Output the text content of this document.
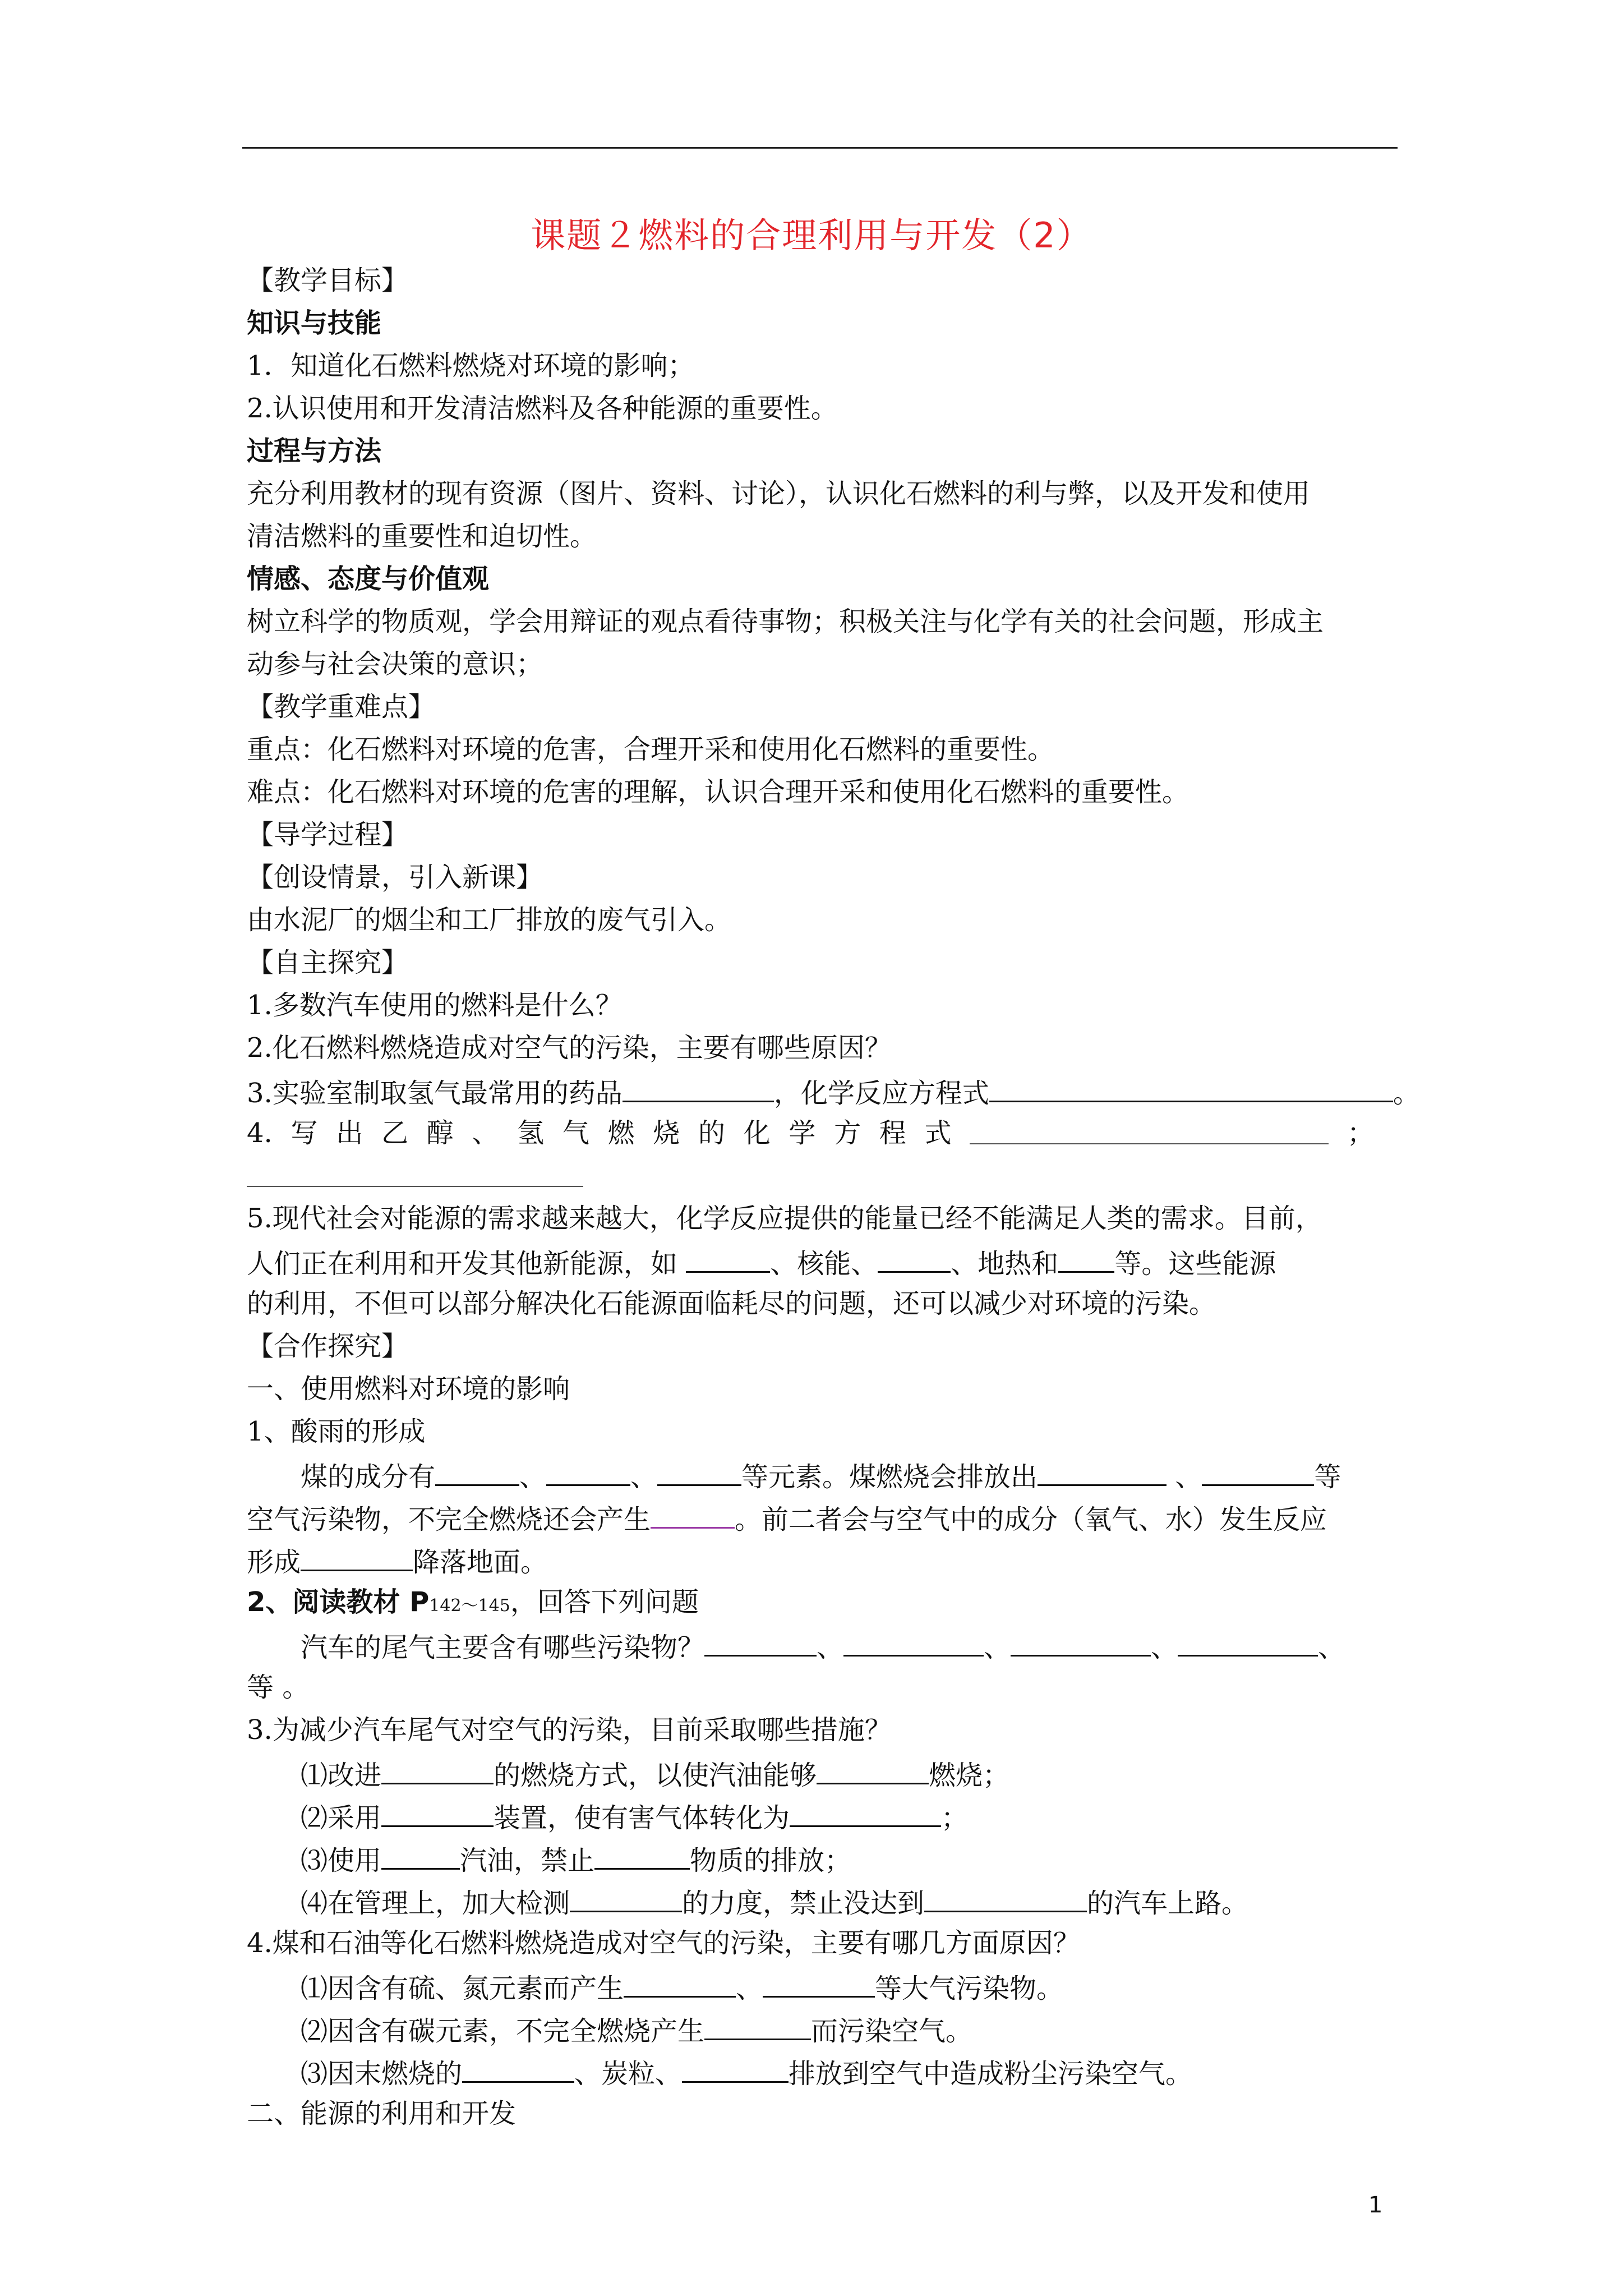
课题２燃料的合理利用与开发（2）
【教学目标】
知识与技能
1．知道化石燃料燃烧对环境的影响；
2.认识使用和开发清洁燃料及各种能源的重要性。
过程与方法
充分利用教材的现有资源（图片、资料、讨论），认识化石燃料的利与弊，以及开发和使用
清洁燃料的重要性和迫切性。
情感、态度与价值观
树立科学的物质观，学会用辩证的观点看待事物；积极关注与化学有关的社会问题，形成主
动参与社会决策的意识；
【教学重难点】
重点：化石燃料对环境的危害，合理开采和使用化石燃料的重要性。
难点：化石燃料对环境的危害的理解，认识合理开采和使用化石燃料的重要性。
【导学过程】
【创设情景，引入新课】
由水泥厂的烟尘和工厂排放的废气引入。
【自主探究】
1.多数汽车使用的燃料是什么？
2.化石燃料燃烧造成对空气的污染，主要有哪些原因？
3.实验室制取氢气最常用的药品	，化学反应方程式	。
4. 写 出 乙 醇 、 氢 气 燃 烧 的 化 学 方 程 式	；
5.现代社会对能源的需求越来越大，化学反应提供的能量已经不能满足人类的需求。目前，
人们正在利用和开发其他新能源，如	、核能、	、地热和 等。这些能源
的利用，不但可以部分解决化石能源面临耗尽的问题，还可以减少对环境的污染。
【合作探究】
一、使用燃料对环境的影响
1、酸雨的形成
煤的成分有	、	、	等元素。煤燃烧会排放出	、	等
空气污染物，不完全燃烧还会产生	。前二者会与空气中的成分（氧气、水）发生反应
形成	降落地面。
2、阅读教材 P142～145，回答下列问题
汽车的尾气主要含有哪些污染物？	、	、	、	、
等 。
3.为减少汽车尾气对空气的污染，目前采取哪些措施？
⑴改进	的燃烧方式，以使汽油能够	燃烧；
⑵采用	装置，使有害气体转化为	；
⑶使用	汽油，禁止	物质的排放；
⑷在管理上，加大检测	的力度，禁止没达到	的汽车上路。
4.煤和石油等化石燃料燃烧造成对空气的污染，主要有哪几方面原因？
⑴因含有硫、氮元素而产生	、	等大气污染物。
⑵因含有碳元素，不完全燃烧产生	而污染空气。
⑶因末燃烧的	、炭粒、	排放到空气中造成粉尘污染空气。
二、能源的利用和开发
1
